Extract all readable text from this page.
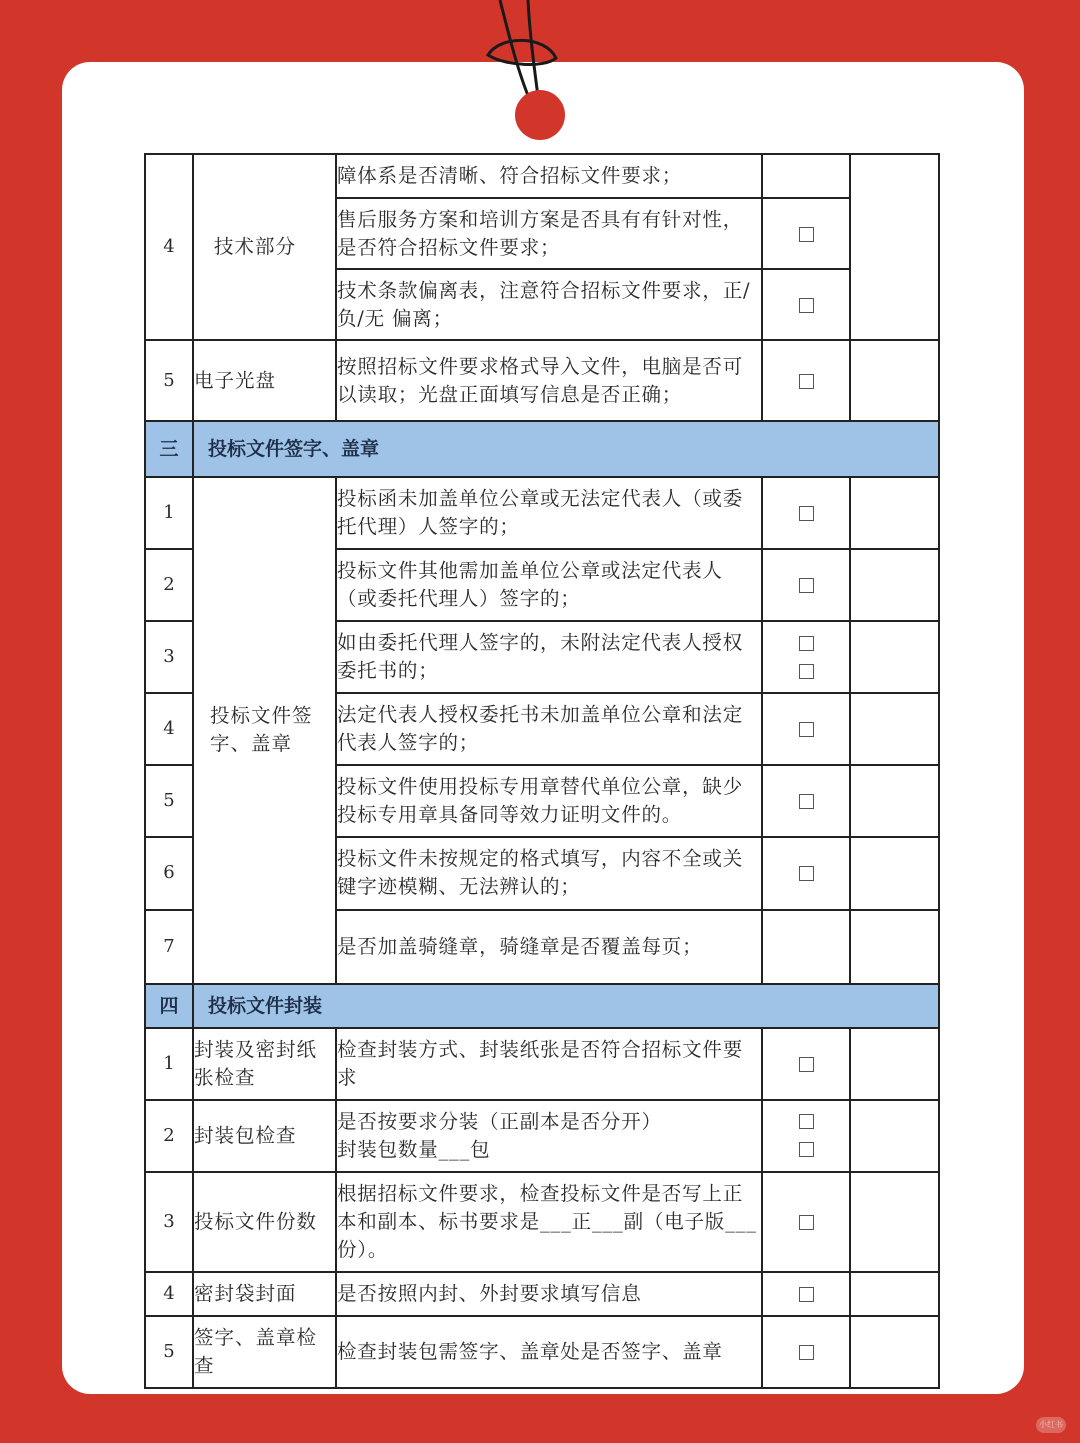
4	技术部分	障体系是否清晰、符合招标文件要求；		
		售后服务方案和培训方案是否具有有针对性，是否符合招标文件要求；		
		技术条款偏离表，注意符合招标文件要求，正/负/无 偏离；		
5	电子光盘	按照招标文件要求格式导入文件，电脑是否可以读取；光盘正面填写信息是否正确；		
三	投标文件签字、盖章			
1	投标文件签字、盖章	投标函未加盖单位公章或无法定代表人（或委托代理）人签字的；		
2		投标文件其他需加盖单位公章或法定代表人（或委托代理人）签字的；		
3		如由委托代理人签字的，未附法定代表人授权委托书的；	

4		法定代表人授权委托书未加盖单位公章和法定代表人签字的；		
5		投标文件使用投标专用章替代单位公章，缺少投标专用章具备同等效力证明文件的。		
6		投标文件未按规定的格式填写，内容不全或关键字迹模糊、无法辨认的；		
7		是否加盖骑缝章，骑缝章是否覆盖每页；		
四	投标文件封装			
1	封装及密封纸张检查	检查封装方式、封装纸张是否符合招标文件要求		
2	封装包检查	是否按要求分装（正副本是否分开）
封装包数量___包		

3	投标文件份数	根据招标文件要求，检查投标文件是否写上正本和副本、标书要求是___正___副（电子版___份）。		
4	密封袋封面	是否按照内封、外封要求填写信息		
5	签字、盖章检查	检查封装包需签字、盖章处是否签字、盖章		
小红书
